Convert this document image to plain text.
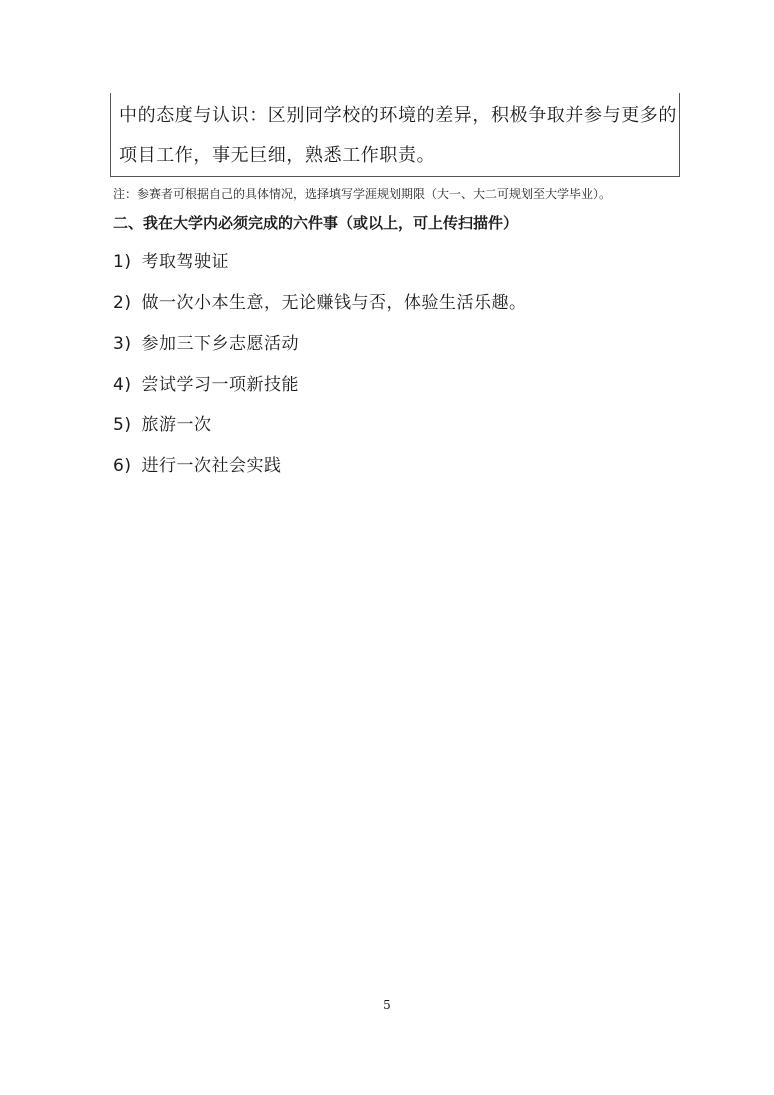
中的态度与认识：区别同学校的环境的差异，积极争取并参与更多的
项目工作，事无巨细，熟悉工作职责。
注：参赛者可根据自己的具体情况，选择填写学涯规划期限（大一、大二可规划至大学毕业）。
二、我在大学内必须完成的六件事（或以上，可上传扫描件）
1) 考取驾驶证
2) 做一次小本生意，无论赚钱与否，体验生活乐趣。
3) 参加三下乡志愿活动
4) 尝试学习一项新技能
5) 旅游一次
6) 进行一次社会实践
5
